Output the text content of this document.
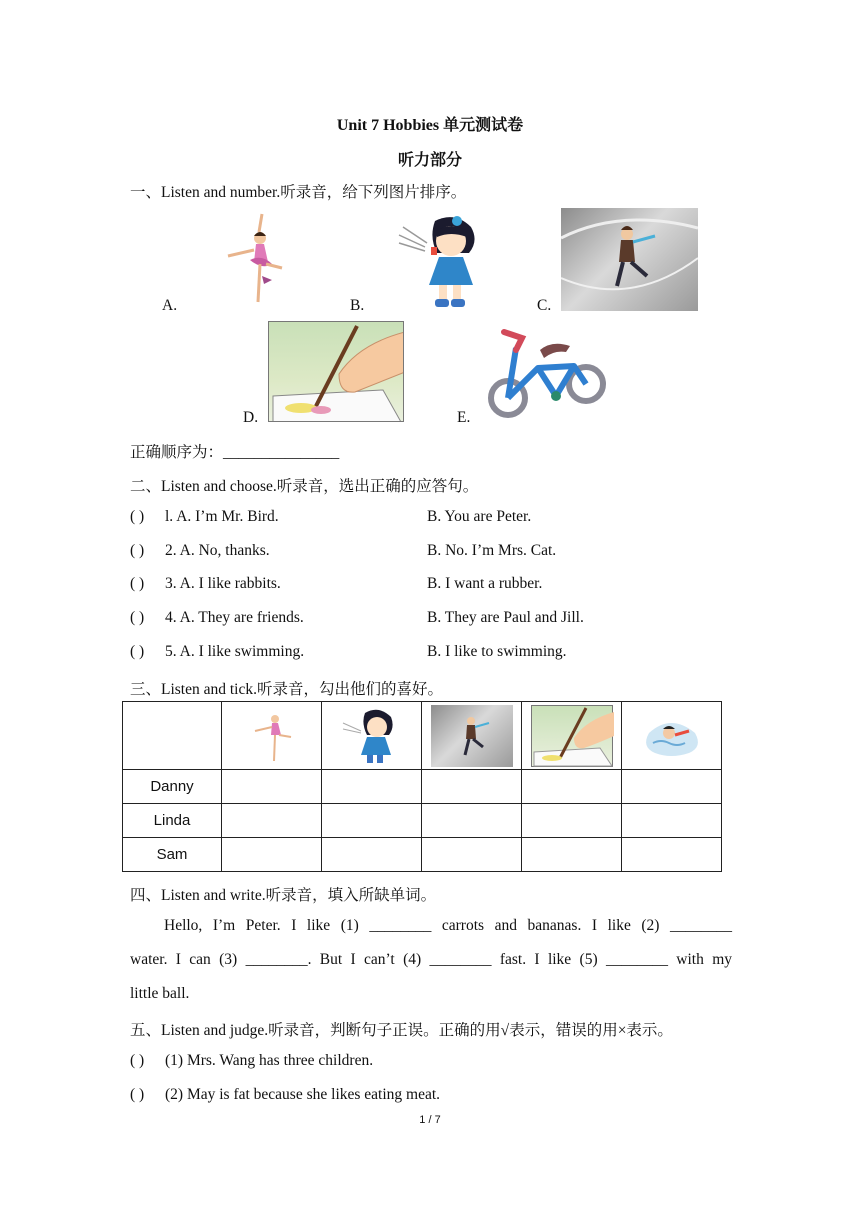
Unit 7 Hobbies 单元测试卷
听力部分
一、Listen and number.听录音，给下列图片排序。
A.	B.	C.
D.	E.
正确顺序为：_______________
二、Listen and choose.听录音，选出正确的应答句。
( ) l. A. I’m Mr. Bird.	B. You are Peter.
( ) 2. A. No, thanks.	B. No. I’m Mrs. Cat.
( ) 3. A. I like rabbits.	B. I want a rubber.
( ) 4. A. They are friends.	B. They are Paul and Jill.
( ) 5. A. I like swimming.	B. I like to swimming.
三、Listen and tick.听录音，勾出他们的喜好。

Danny					
Linda					
Sam					
四、Listen and write.听录音，填入所缺单词。
Hello, I’m Peter. I like (1) ________ carrots and bananas. I like (2) ________
water. I can (3) ________. But I can’t (4) ________ fast. I like (5) ________ with my
little ball.
五、Listen and judge.听录音，判断句子正误。正确的用√表示，错误的用×表示。
( ) (1) Mrs. Wang has three children.
( ) (2) May is fat because she likes eating meat.
1 / 7
